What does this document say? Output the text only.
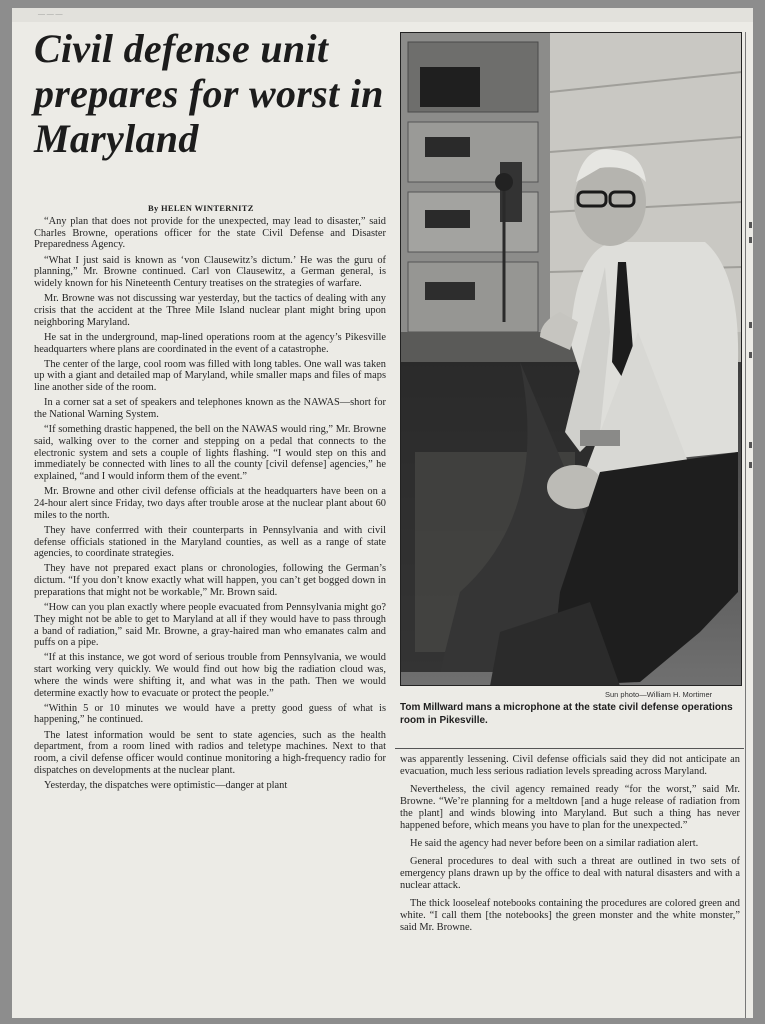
— — —
Civil defense unit prepares for worst in Maryland
By HELEN WINTERNITZ

“Any plan that does not provide for the unexpected, may lead to disaster,” said Charles Browne, operations officer for the state Civil Defense and Disaster Preparedness Agency.

“What I just said is known as ‘von Clausewitz’s dictum.’ He was the guru of planning,” Mr. Browne continued. Carl von Clausewitz, a German general, is widely known for his Nineteenth Century treatises on the strategies of warfare.

Mr. Browne was not discussing war yesterday, but the tactics of dealing with any crisis that the accident at the Three Mile Island nuclear plant might bring upon neighboring Maryland.

He sat in the underground, map-lined operations room at the agency’s Pikesville headquarters where plans are coordinated in the event of a catastrophe.

The center of the large, cool room was filled with long tables. One wall was taken up with a giant and detailed map of Maryland, while smaller maps and files of maps line another side of the room.

In a corner sat a set of speakers and telephones known as the NAWAS—short for the National Warning System.

“If something drastic happened, the bell on the NAWAS would ring,” Mr. Browne said, walking over to the corner and stepping on a pedal that connects to the electronic system and sets a couple of lights flashing. “I would step on this and immediately be connected with lines to all the county [civil defense] agencies,” he explained, “and I would inform them of the event.”

Mr. Browne and other civil defense officials at the headquarters have been on a 24-hour alert since Friday, two days after trouble arose at the nuclear plant about 60 miles to the north.

They have conferrred with their counterparts in Pennsylvania and with civil defense officials stationed in the Maryland counties, as well as a range of state agencies, to coordinate strategies.

They have not prepared exact plans or chronologies, following the German’s dictum. “If you don’t know exactly what will happen, you can’t get bogged down in preparations that might not be workable,” Mr. Brown said.

“How can you plan exactly where people evacuated from Pennsylvania might go? They might not be able to get to Maryland at all if they would have to pass through a band of radiation,” said Mr. Browne, a gray-haired man who emanates calm and puffs on a pipe.

“If at this instance, we got word of serious trouble from Pennsylvania, we would start working very quickly. We would find out how big the radiation cloud was, where the winds were shifting it, and what was in the path. Then we would determine exactly how to evacuate or protect the people.”

“Within 5 or 10 minutes we would have a pretty good guess of what is happening,” he continued.

The latest information would be sent to state agencies, such as the health department, from a room lined with radios and teletype machines. Next to that room, a civil defense officer would continue monitoring a high-frequency radio for dispatches on developments at the nuclear plant.

Yesterday, the dispatches were optimistic—danger at plant

Sun photo—William H. Mortimer
Tom Millward mans a microphone at the state civil defense operations room in Pikesville.

was apparently lessening. Civil defense officials said they did not anticipate an evacuation, much less serious radiation levels spreading across Maryland.

Nevertheless, the civil agency remained ready “for the worst,” said Mr. Browne. “We’re planning for a meltdown [and a huge release of radiation from the plant] and winds blowing into Maryland. But such a thing has never happened before, which means you have to plan for the unexpected.”

He said the agency had never before been on a similar radiation alert.

General procedures to deal with such a threat are outlined in two sets of emergency plans drawn up by the office to deal with natural disasters and with a nuclear attack.

The thick looseleaf notebooks containing the procedures are colored green and white. “I call them [the notebooks] the green monster and the white monster,” said Mr. Browne.
